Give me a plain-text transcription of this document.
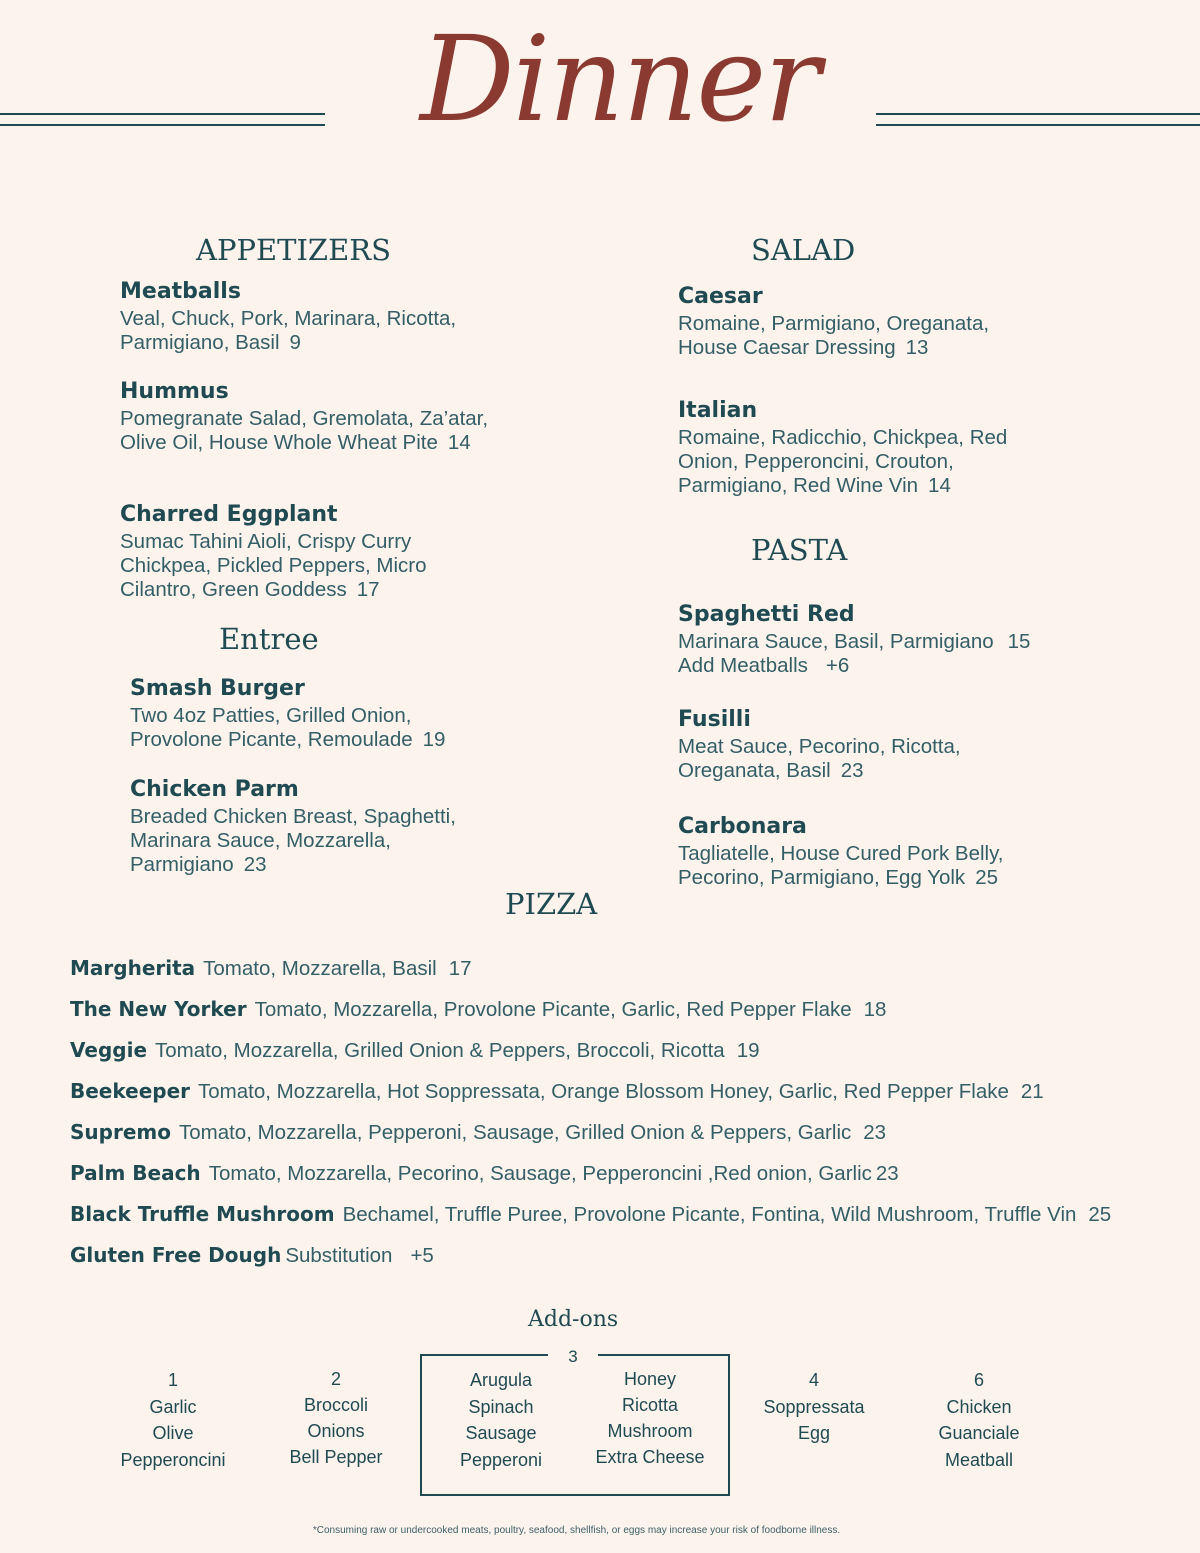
Dinner
APPETIZERS
Meatballs
Veal, Chuck, Pork, Marinara, Ricotta, Parmigiano, Basil 9
Hummus
Pomegranate Salad, Gremolata, Za’atar, Olive Oil, House Whole Wheat Pite 14
Charred Eggplant
Sumac Tahini Aioli, Crispy Curry Chickpea, Pickled Peppers, Micro Cilantro, Green Goddess 17
Entree
Smash Burger
Two 4oz Patties, Grilled Onion, Provolone Picante, Remoulade 19
Chicken Parm
Breaded Chicken Breast, Spaghetti, Marinara Sauce, Mozzarella, Parmigiano 23
SALAD
Caesar
Romaine, Parmigiano, Oreganata, House Caesar Dressing 13
Italian
Romaine, Radicchio, Chickpea, Red Onion, Pepperoncini, Crouton, Parmigiano, Red Wine Vin 14
PASTA
Spaghetti Red
Marinara Sauce, Basil, Parmigiano 15
Add Meatballs +6
Fusilli
Meat Sauce, Pecorino, Ricotta, Oreganata, Basil 23
Carbonara
Tagliatelle, House Cured Pork Belly, Pecorino, Parmigiano, Egg Yolk 25
PIZZA
Margherita Tomato, Mozzarella, Basil 17
The New Yorker Tomato, Mozzarella, Provolone Picante, Garlic, Red Pepper Flake 18
Veggie Tomato, Mozzarella, Grilled Onion & Peppers, Broccoli, Ricotta 19
Beekeeper Tomato, Mozzarella, Hot Soppressata, Orange Blossom Honey, Garlic, Red Pepper Flake 21
Supremo Tomato, Mozzarella, Pepperoni, Sausage, Grilled Onion & Peppers, Garlic 23
Palm Beach Tomato, Mozzarella, Pecorino, Sausage, Pepperoncini ,Red onion, Garlic 23
Black Truffle Mushroom Bechamel, Truffle Puree, Provolone Picante, Fontina, Wild Mushroom, Truffle Vin 25
Gluten Free Dough Substitution +5
Add-ons
1
Garlic
Olive
Pepperoncini
2
Broccoli
Onions
Bell Pepper
3
Arugula
Spinach
Sausage
Pepperoni
Honey
Ricotta
Mushroom
Extra Cheese
4
Soppressata
Egg
6
Chicken
Guanciale
Meatball
*Consuming raw or undercooked meats, poultry, seafood, shellfish, or eggs may increase your risk of foodborne illness.
